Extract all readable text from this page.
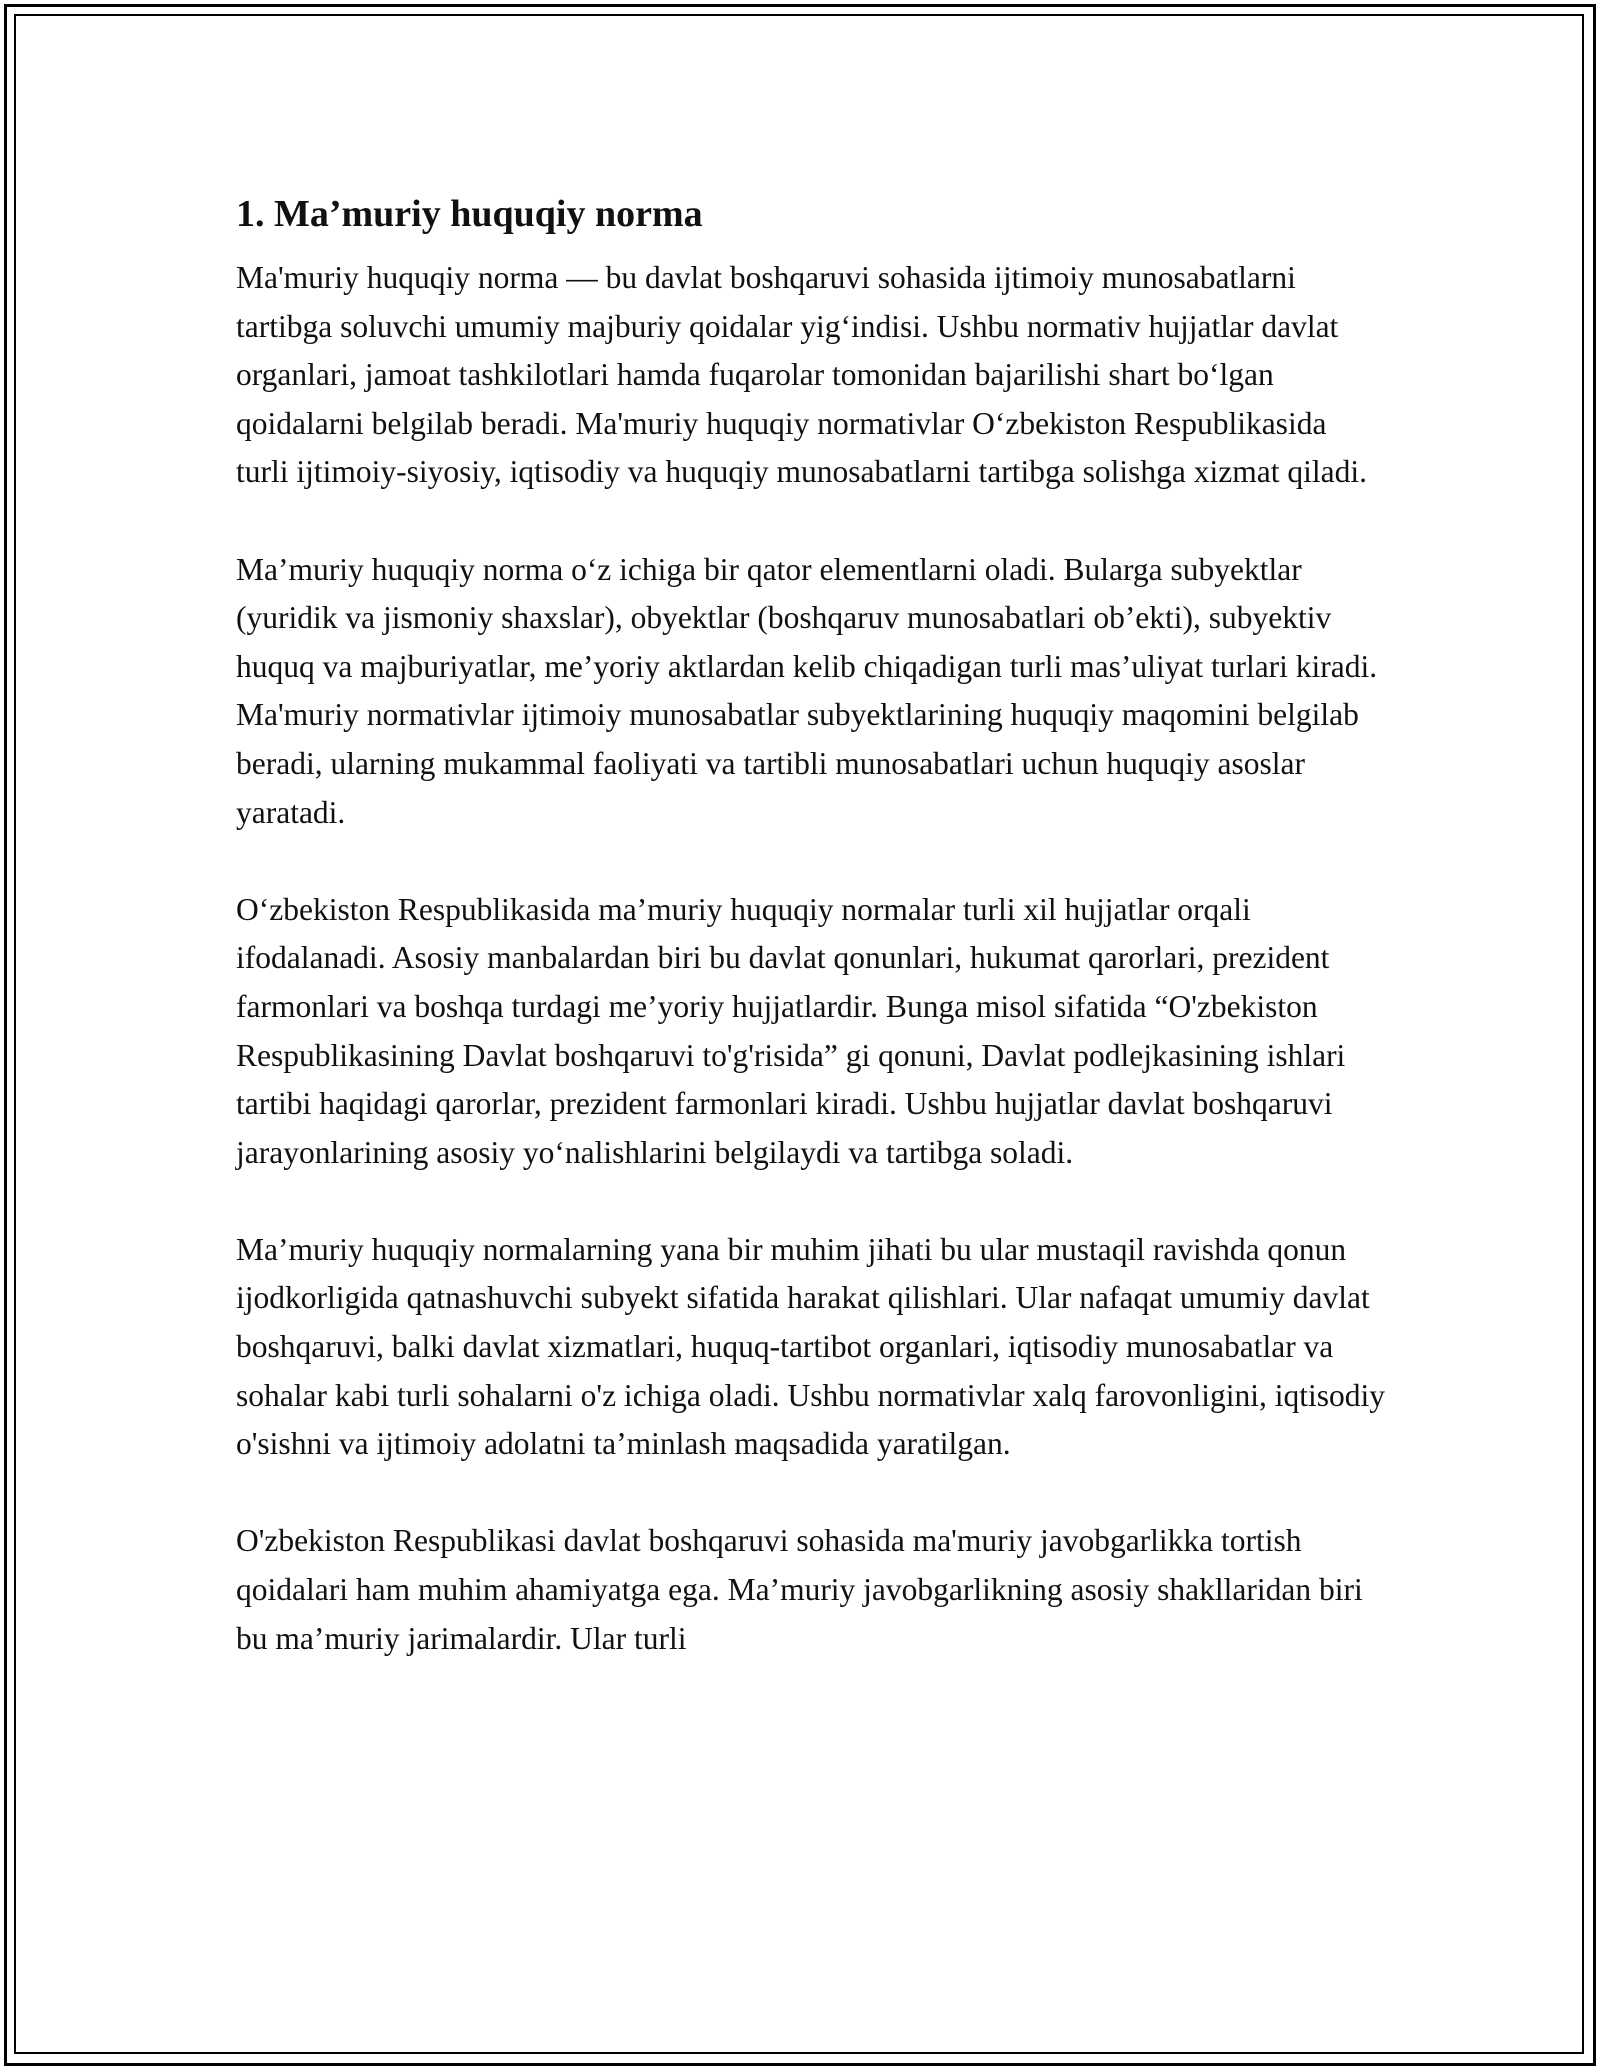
1. Ma’muriy huquqiy norma

Ma'muriy huquqiy norma — bu davlat boshqaruvi sohasida ijtimoiy munosabatlarni tartibga soluvchi umumiy majburiy qoidalar yig‘indisi. Ushbu normativ hujjatlar davlat organlari, jamoat tashkilotlari hamda fuqarolar tomonidan bajarilishi shart bo‘lgan qoidalarni belgilab beradi. Ma'muriy huquqiy normativlar O‘zbekiston Respublikasida turli ijtimoiy-siyosiy, iqtisodiy va huquqiy munosabatlarni tartibga solishga xizmat qiladi.

Ma’muriy huquqiy norma o‘z ichiga bir qator elementlarni oladi. Bularga subyektlar (yuridik va jismoniy shaxslar), obyektlar (boshqaruv munosabatlari ob’ekti), subyektiv huquq va majburiyatlar, me’yoriy aktlardan kelib chiqadigan turli mas’uliyat turlari kiradi. Ma'muriy normativlar ijtimoiy munosabatlar subyektlarining huquqiy maqomini belgilab beradi, ularning mukammal faoliyati va tartibli munosabatlari uchun huquqiy asoslar yaratadi.

O‘zbekiston Respublikasida ma’muriy huquqiy normalar turli xil hujjatlar orqali ifodalanadi. Asosiy manbalardan biri bu davlat qonunlari, hukumat qarorlari, prezident farmonlari va boshqa turdagi me’yoriy hujjatlardir. Bunga misol sifatida “O'zbekiston Respublikasining Davlat boshqaruvi to'g'risida” gi qonuni, Davlat podlejkasining ishlari tartibi haqidagi qarorlar, prezident farmonlari kiradi. Ushbu hujjatlar davlat boshqaruvi jarayonlarining asosiy yo‘nalishlarini belgilaydi va tartibga soladi.

Ma’muriy huquqiy normalarning yana bir muhim jihati bu ular mustaqil ravishda qonun ijodkorligida qatnashuvchi subyekt sifatida harakat qilishlari. Ular nafaqat umumiy davlat boshqaruvi, balki davlat xizmatlari, huquq-tartibot organlari, iqtisodiy munosabatlar va sohalar kabi turli sohalarni o'z ichiga oladi. Ushbu normativlar xalq farovonligini, iqtisodiy o'sishni va ijtimoiy adolatni ta’minlash maqsadida yaratilgan.

O'zbekiston Respublikasi davlat boshqaruvi sohasida ma'muriy javobgarlikka tortish qoidalari ham muhim ahamiyatga ega. Ma’muriy javobgarlikning asosiy shakllaridan biri bu ma’muriy jarimalardir. Ular turli
